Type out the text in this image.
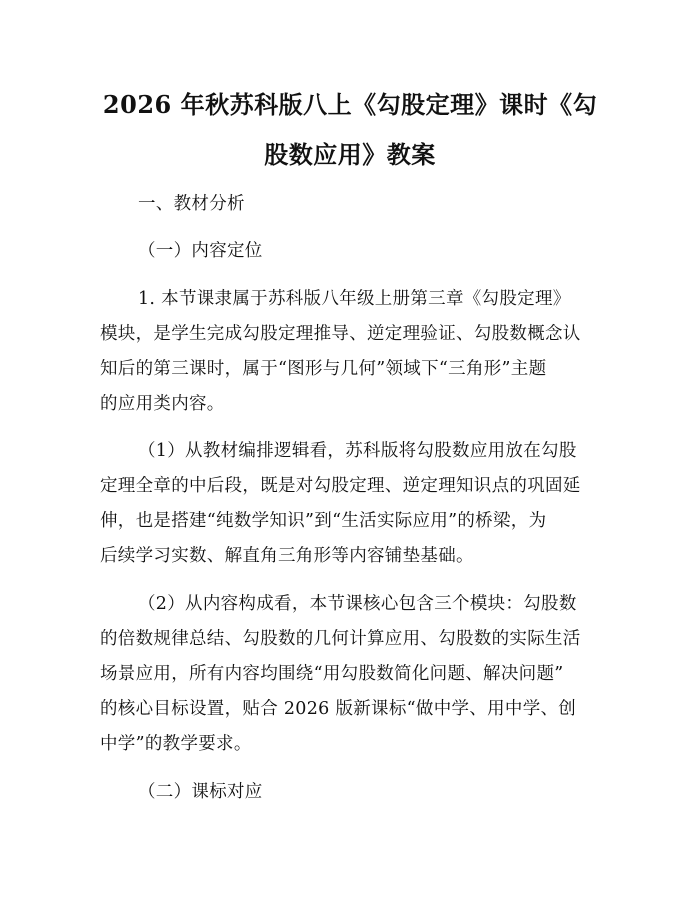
2026 年秋苏科版八上《勾股定理》课时《勾
股数应用》教案
一、教材分析
（一）内容定位
1. 本节课隶属于苏科版八年级上册第三章《勾股定理》
模块，是学生完成勾股定理推导、逆定理验证、勾股数概念认
知后的第三课时，属于“图形与几何”领域下“三角形”主题
的应用类内容。
（1）从教材编排逻辑看，苏科版将勾股数应用放在勾股
定理全章的中后段，既是对勾股定理、逆定理知识点的巩固延
伸，也是搭建“纯数学知识”到“生活实际应用”的桥梁，为
后续学习实数、解直角三角形等内容铺垫基础。
（2）从内容构成看，本节课核心包含三个模块：勾股数
的倍数规律总结、勾股数的几何计算应用、勾股数的实际生活
场景应用，所有内容均围绕“用勾股数简化问题、解决问题”
的核心目标设置，贴合 2026 版新课标“做中学、用中学、创
中学”的教学要求。
（二）课标对应
